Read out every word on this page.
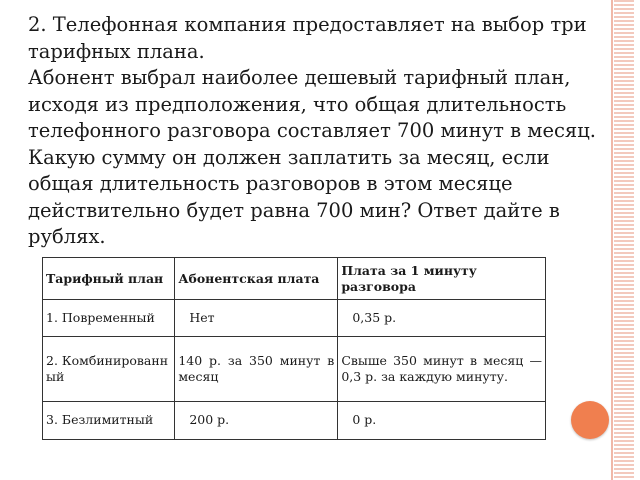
2. Телефонная компания предоставляет на выбор три тарифных плана.

Абонент выбрал наиболее дешевый тарифный план, исходя из предположения, что общая длительность телефонного разговора составляет 700 минут в месяц. Какую сумму он должен заплатить за месяц, если общая длительность разговоров в этом месяце действительно будет равна 700 мин? Ответ дайте в рублях.

Тарифный план	Абонентская плата	Плата за 1 минуту разговора
1. Повременный	Нет	0,35 р.
2. Комбинированный	140 р. за 350 минут в месяц	Свыше 350 минут в месяц — 0,3 р. за каждую минуту.
3. Безлимитный	200 р.	0 р.
